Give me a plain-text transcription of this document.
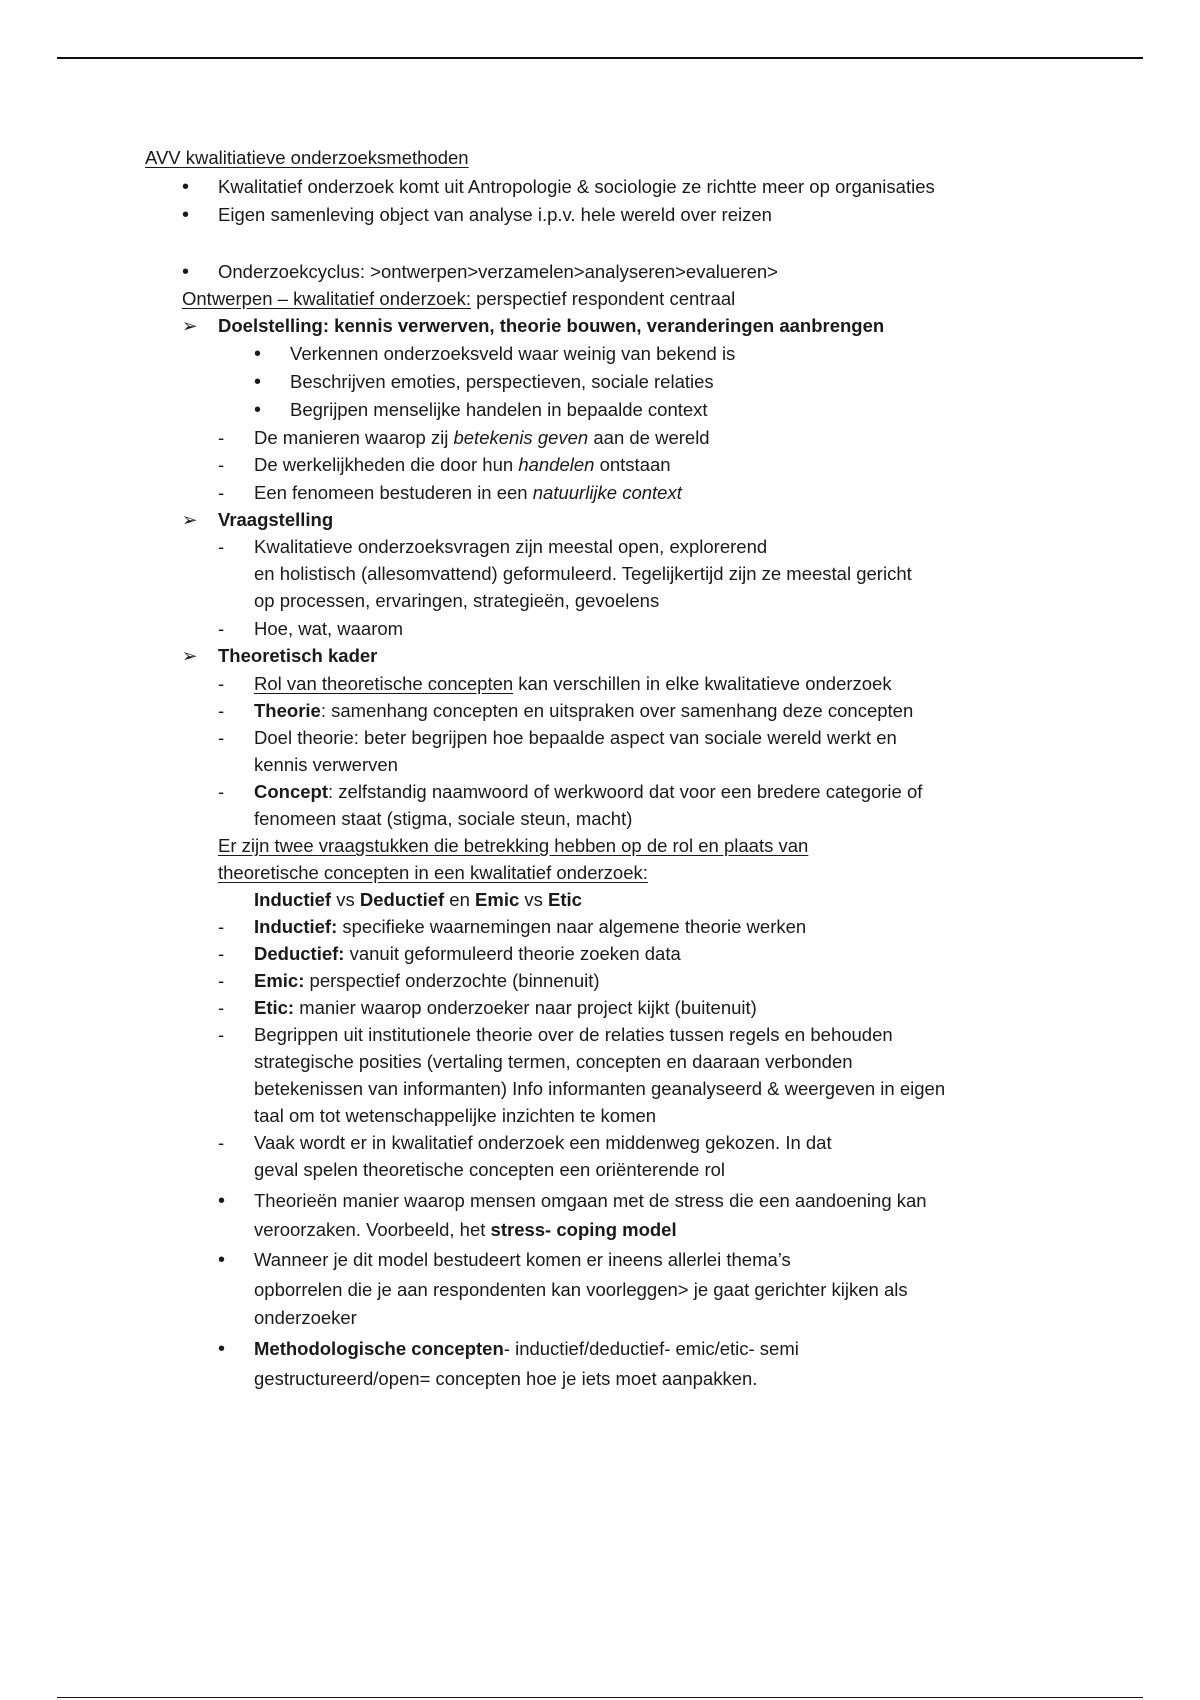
AVV kwalitiatieve onderzoeksmethoden
•
Kwalitatief onderzoek komt uit Antropologie & sociologie ze richtte meer op organisaties
•
Eigen samenleving object van analyse i.p.v. hele wereld over reizen
•
Onderzoekcyclus: >ontwerpen>verzamelen>analyseren>evalueren>
Ontwerpen – kwalitatief onderzoek: perspectief respondent centraal
➢ Doelstelling: kennis verwerven, theorie bouwen, veranderingen aanbrengen
•
Verkennen onderzoeksveld waar weinig van bekend is
•
Beschrijven emoties, perspectieven, sociale relaties
•
Begrijpen menselijke handelen in bepaalde context
- De manieren waarop zij betekenis geven aan de wereld
- De werkelijkheden die door hun handelen ontstaan
- Een fenomeen bestuderen in een natuurlijke context
➢ Vraagstelling
- Kwalitatieve onderzoeksvragen zijn meestal open, explorerend
en holistisch (allesomvattend) geformuleerd. Tegelijkertijd zijn ze meestal gericht
op processen, ervaringen, strategieën, gevoelens
- Hoe, wat, waarom
➢ Theoretisch kader
- Rol van theoretische concepten kan verschillen in elke kwalitatieve onderzoek
- Theorie: samenhang concepten en uitspraken over samenhang deze concepten
- Doel theorie: beter begrijpen hoe bepaalde aspect van sociale wereld werkt en
kennis verwerven
- Concept: zelfstandig naamwoord of werkwoord dat voor een bredere categorie of
fenomeen staat (stigma, sociale steun, macht)
Er zijn twee vraagstukken die betrekking hebben op de rol en plaats van
theoretische concepten in een kwalitatief onderzoek:
Inductief vs Deductief en Emic vs Etic
- Inductief: specifieke waarnemingen naar algemene theorie werken
- Deductief: vanuit geformuleerd theorie zoeken data
- Emic: perspectief onderzochte (binnenuit)
- Etic: manier waarop onderzoeker naar project kijkt (buitenuit)
- Begrippen uit institutionele theorie over de relaties tussen regels en behouden
strategische posities (vertaling termen, concepten en daaraan verbonden
betekenissen van informanten) Info informanten geanalyseerd & weergeven in eigen
taal om tot wetenschappelijke inzichten te komen
- Vaak wordt er in kwalitatief onderzoek een middenweg gekozen. In dat
geval spelen theoretische concepten een oriënterende rol
•
Theorieën manier waarop mensen omgaan met de stress die een aandoening kan
veroorzaken. Voorbeeld, het stress- coping model
•
Wanneer je dit model bestudeert komen er ineens allerlei thema’s
opborrelen die je aan respondenten kan voorleggen> je gaat gerichter kijken als
onderzoeker
•
Methodologische concepten- inductief/deductief- emic/etic- semi
gestructureerd/open= concepten hoe je iets moet aanpakken.
